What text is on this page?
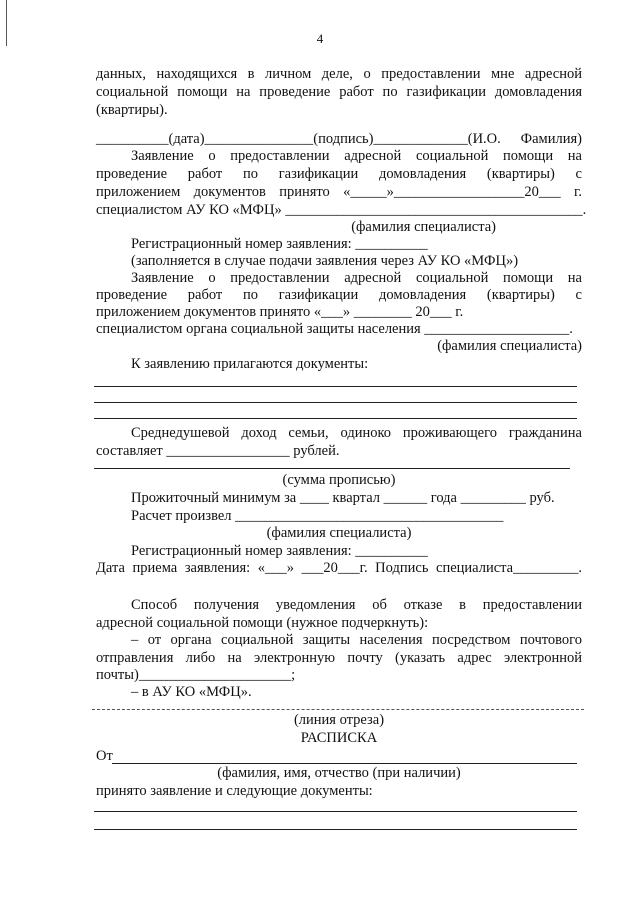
4
данных, находящихся в личном деле, о предоставлении мне адресной
социальной помощи на проведение работ по газификации домовладения
(квартиры).
__________(дата)_______________(подпись)_____________(И.О. Фамилия)
Заявление о предоставлении адресной социальной помощи на
проведение работ по газификации домовладения (квартиры) с
приложением документов принято «_____»__________________20___ г.
специалистом АУ КО «МФЦ» _________________________________________.
(фамилия специалиста)
Регистрационный номер заявления: __________
(заполняется в случае подачи заявления через АУ КО «МФЦ»)
Заявление о предоставлении адресной социальной помощи на
проведение работ по газификации домовладения (квартиры) с
приложением документов принято «___» ________ 20___ г.
специалистом органа социальной защиты населения ____________________.
(фамилия специалиста)
К заявлению прилагаются документы:
Среднедушевой доход семьи, одиноко проживающего гражданина
составляет _________________ рублей.
(сумма прописью)
Прожиточный минимум за ____ квартал ______ года _________ руб.
Расчет произвел _____________________________________
(фамилия специалиста)
Регистрационный номер заявления: __________
Дата приема заявления: «___» ___20___г. Подпись специалиста_________.
Способ получения уведомления об отказе в предоставлении
адресной социальной помощи (нужное подчеркнуть):
– от органа социальной защиты населения посредством почтового
отправления либо на электронную почту (указать адрес электронной
почты)_____________________;
– в АУ КО «МФЦ».
(линия отреза)
РАСПИСКА
От
(фамилия, имя, отчество (при наличии)
принято заявление и следующие документы:
